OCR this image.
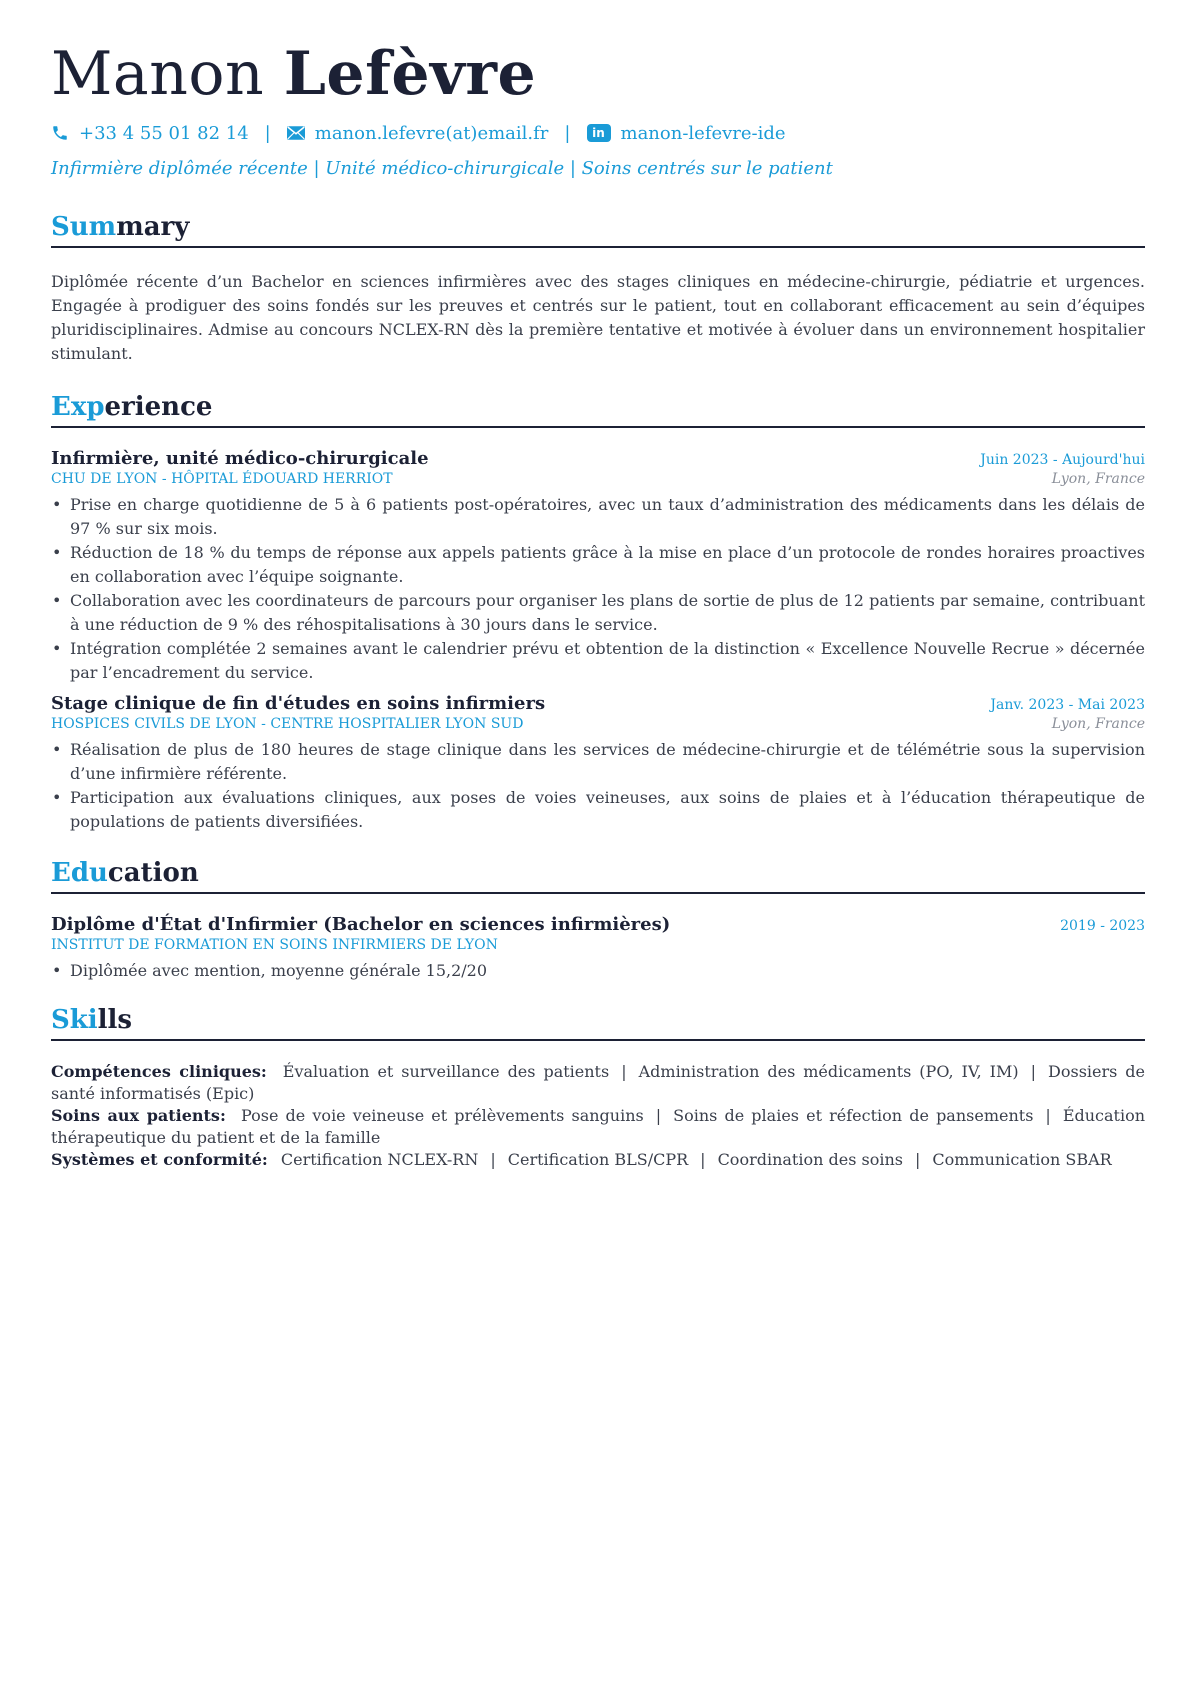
Manon Lefèvre
+33 4 55 01 82 14 | manon.lefevre(at)email.fr |	in manon-lefevre-ide
Infirmière diplômée récente | Unité médico-chirurgicale | Soins centrés sur le patient
Summary
Diplômée récente d’un Bachelor en sciences infirmières avec des stages cliniques en médecine-chirurgie, pédiatrie et urgences. Engagée à prodiguer des soins fondés sur les preuves et centrés sur le patient, tout en collaborant efficacement au sein d’équipes pluridisciplinaires. Admise au concours NCLEX-RN dès la première tentative et motivée à évoluer dans un environnement hospitalier stimulant.
Experience
Infirmière, unité médico-chirurgicale	Juin 2023 - Aujourd'hui
CHU DE LYON - HÔPITAL ÉDOUARD HERRIOT	Lyon, France
• Prise en charge quotidienne de 5 à 6 patients post-opératoires, avec un taux d’administration des médicaments dans les délais de 97 % sur six mois.
• Réduction de 18 % du temps de réponse aux appels patients grâce à la mise en place d’un protocole de rondes horaires proactives en collaboration avec l’équipe soignante.
• Collaboration avec les coordinateurs de parcours pour organiser les plans de sortie de plus de 12 patients par semaine, contribuant à une réduction de 9 % des réhospitalisations à 30 jours dans le service.
• Intégration complétée 2 semaines avant le calendrier prévu et obtention de la distinction « Excellence Nouvelle Recrue » décernée par l’encadrement du service.
Stage clinique de fin d'études en soins infirmiers	Janv. 2023 - Mai 2023
HOSPICES CIVILS DE LYON - CENTRE HOSPITALIER LYON SUD	Lyon, France
• Réalisation de plus de 180 heures de stage clinique dans les services de médecine-chirurgie et de télémétrie sous la supervision d’une infirmière référente.
• Participation aux évaluations cliniques, aux poses de voies veineuses, aux soins de plaies et à l’éducation thérapeutique de populations de patients diversifiées.
Education
Diplôme d'État d'Infirmier (Bachelor en sciences infirmières)	2019 - 2023
INSTITUT DE FORMATION EN SOINS INFIRMIERS DE LYON
• Diplômée avec mention, moyenne générale 15,2/20
Skills
Compétences cliniques: Évaluation et surveillance des patients | Administration des médicaments (PO, IV, IM) | Dossiers de santé informatisés (Epic)
Soins aux patients: Pose de voie veineuse et prélèvements sanguins | Soins de plaies et réfection de pansements | Éducation thérapeutique du patient et de la famille
Systèmes et conformité: Certification NCLEX-RN | Certification BLS/CPR | Coordination des soins | Communication SBAR
